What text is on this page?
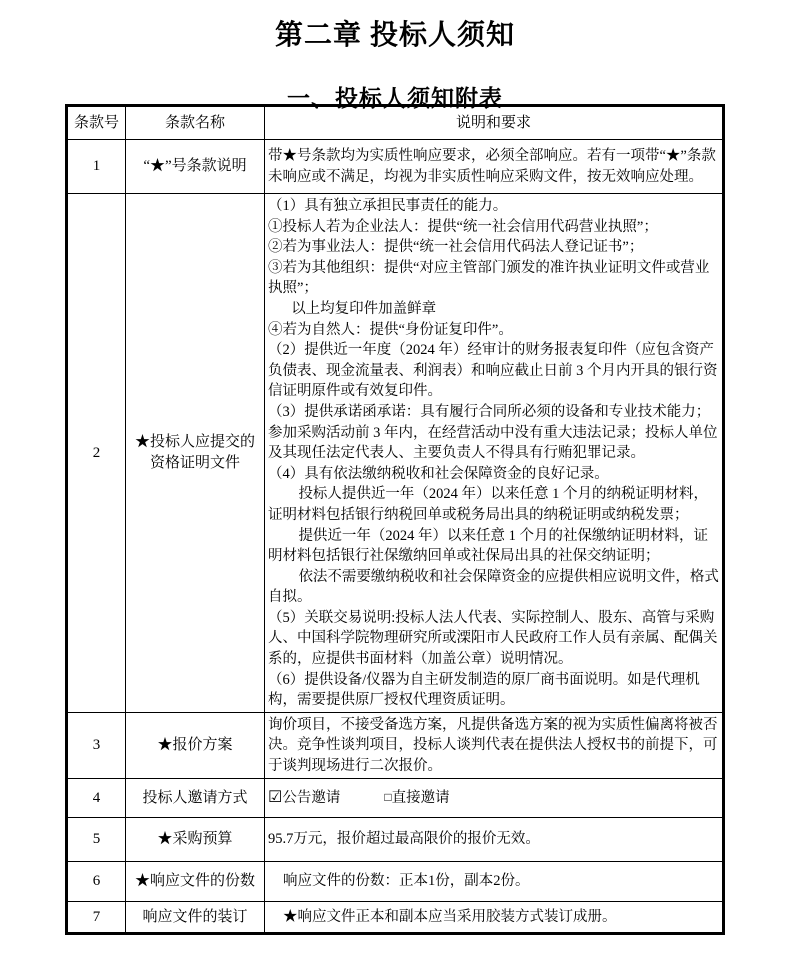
第二章 投标人须知
一、投标人须知附表
条款号	条款名称	说明和要求
1	“★”号条款说明	带★号条款均为实质性响应要求，必须全部响应。若有一项带“★”条款未响应或不满足，均视为非实质性响应采购文件，按无效响应处理。

2	★投标人应提交的资格证明文件	

（1）具有独立承担民事责任的能力。

①投标人若为企业法人：提供“统一社会信用代码营业执照”；

②若为事业法人：提供“统一社会信用代码法人登记证书”；

③若为其他组织：提供“对应主管部门颁发的准许执业证明文件或营业执照”；

以上均复印件加盖鲜章

④若为自然人：提供“身份证复印件”。

（2）提供近一年度（2024 年）经审计的财务报表复印件（应包含资产负债表、现金流量表、利润表）和响应截止日前 3 个月内开具的银行资信证明原件或有效复印件。

（3）提供承诺函承诺：具有履行合同所必须的设备和专业技术能力；参加采购活动前 3 年内，在经营活动中没有重大违法记录；投标人单位及其现任法定代表人、主要负责人不得具有行贿犯罪记录。

（4）具有依法缴纳税收和社会保障资金的良好记录。

投标人提供近一年（2024 年）以来任意 1 个月的纳税证明材料，证明材料包括银行纳税回单或税务局出具的纳税证明或纳税发票；

提供近一年（2024 年）以来任意 1 个月的社保缴纳证明材料，证明材料包括银行社保缴纳回单或社保局出具的社保交纳证明；

依法不需要缴纳税收和社会保障资金的应提供相应说明文件，格式自拟。

（5）关联交易说明:投标人法人代表、实际控制人、股东、高管与采购人、中国科学院物理研究所或溧阳市人民政府工作人员有亲属、配偶关系的，应提供书面材料（加盖公章）说明情况。

（6）提供设备/仪器为自主研发制造的原厂商书面说明。如是代理机构，需要提供原厂授权代理资质证明。

3	★报价方案	询价项目，不接受备选方案，凡提供备选方案的视为实质性偏离将被否决。竞争性谈判项目，投标人谈判代表在提供法人授权书的前提下，可于谈判现场进行二次报价。

4	投标人邀请方式	☑公告邀请 □直接邀请
5	★采购预算	95.7万元，报价超过最高限价的报价无效。

6	★响应文件的份数	响应文件的份数：正本1份，副本2份。

7	响应文件的装订	★响应文件正本和副本应当采用胶装方式装订成册。
